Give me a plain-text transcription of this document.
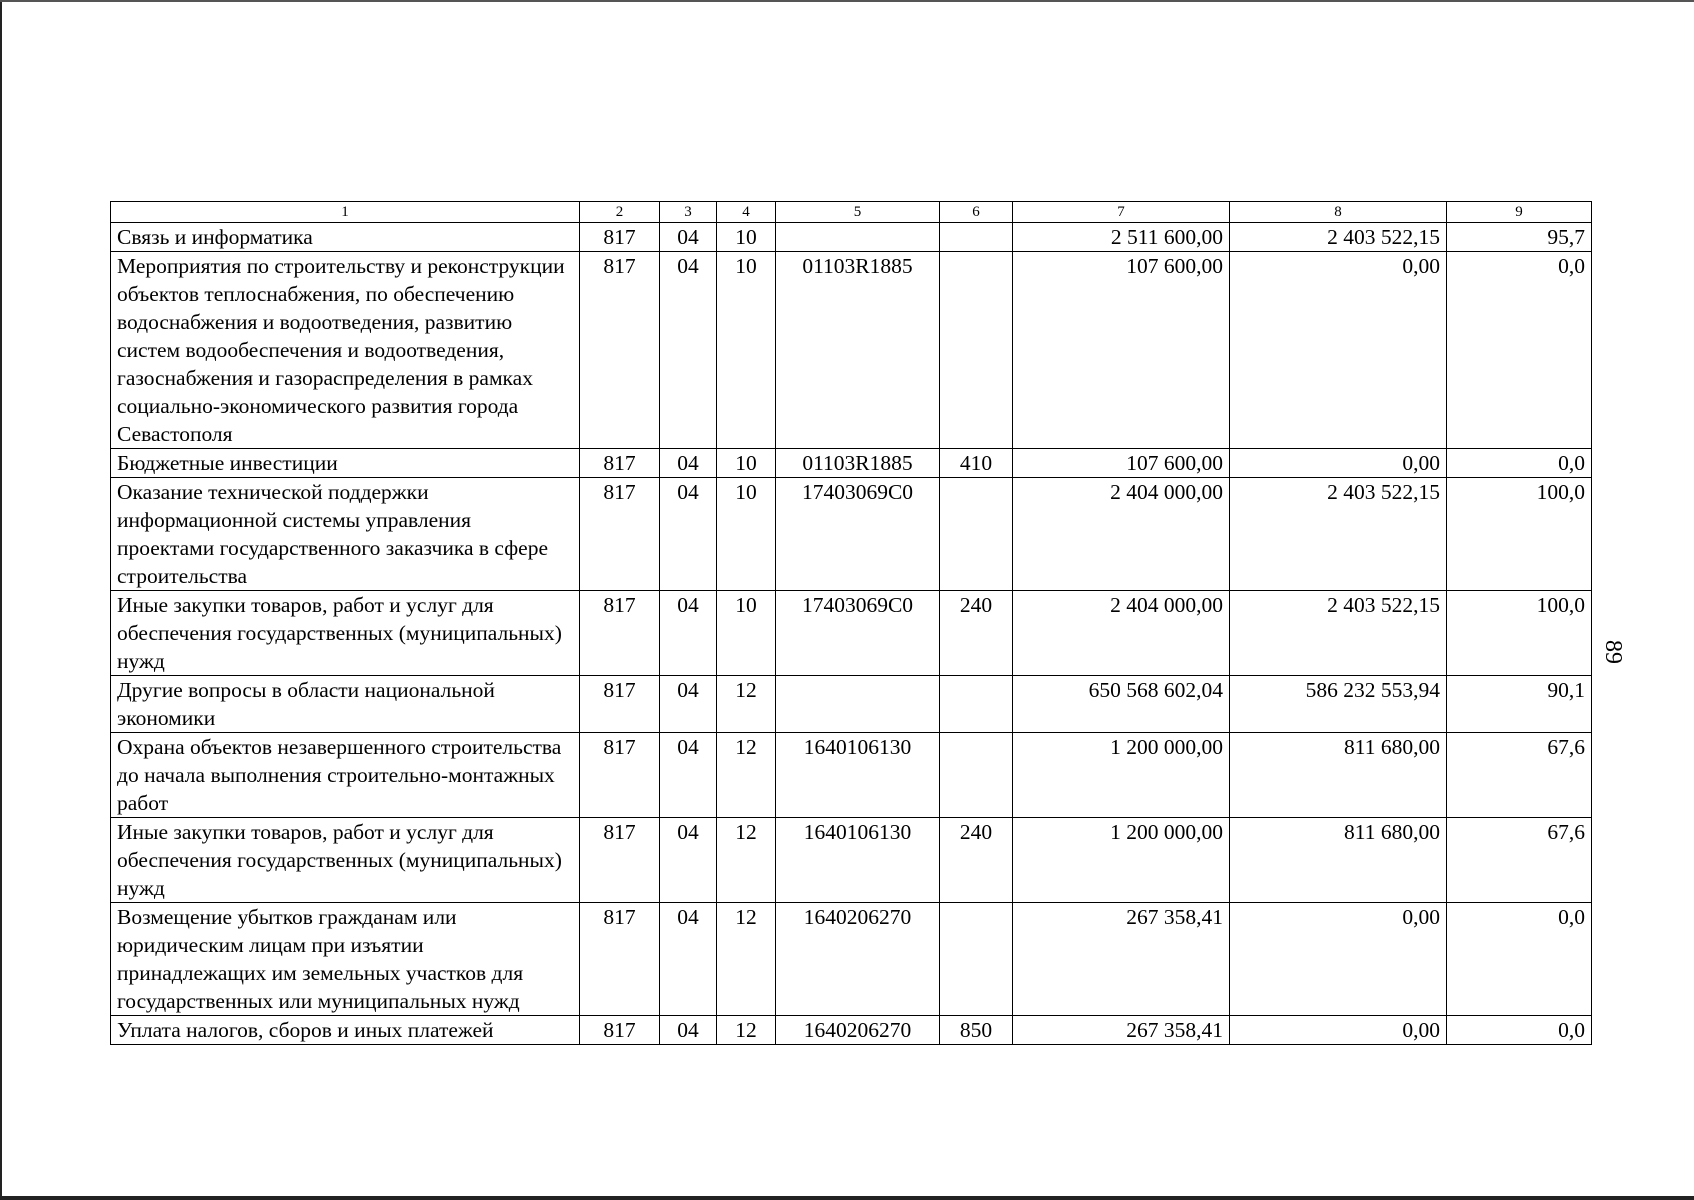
89
1	2	3	4	5	6	7	8	9
Связь и информатика	817	04	10			2 511 600,00	2 403 522,15	95,7
Мероприятия по строительству и реконструкции объектов теплоснабжения, по обеспечению водоснабжения и водоотведения, развитию систем водообеспечения и водоотведения, газоснабжения и газораспределения в рамках социально-экономического развития города Севастополя	817	04	10	01103R1885		107 600,00	0,00	0,0
Бюджетные инвестиции	817	04	10	01103R1885	410	107 600,00	0,00	0,0
Оказание технической поддержки информационной системы управления проектами государственного заказчика в сфере строительства	817	04	10	17403069С0		2 404 000,00	2 403 522,15	100,0
Иные закупки товаров, работ и услуг для обеспечения государственных (муниципальных) нужд	817	04	10	17403069С0	240	2 404 000,00	2 403 522,15	100,0
Другие вопросы в области национальной экономики	817	04	12			650 568 602,04	586 232 553,94	90,1
Охрана объектов незавершенного строительства до начала выполнения строительно-монтажных работ	817	04	12	1640106130		1 200 000,00	811 680,00	67,6
Иные закупки товаров, работ и услуг для обеспечения государственных (муниципальных) нужд	817	04	12	1640106130	240	1 200 000,00	811 680,00	67,6
Возмещение убытков гражданам или юридическим лицам при изъятии принадлежащих им земельных участков для государственных или муниципальных нужд	817	04	12	1640206270		267 358,41	0,00	0,0
Уплата налогов, сборов и иных платежей	817	04	12	1640206270	850	267 358,41	0,00	0,0
